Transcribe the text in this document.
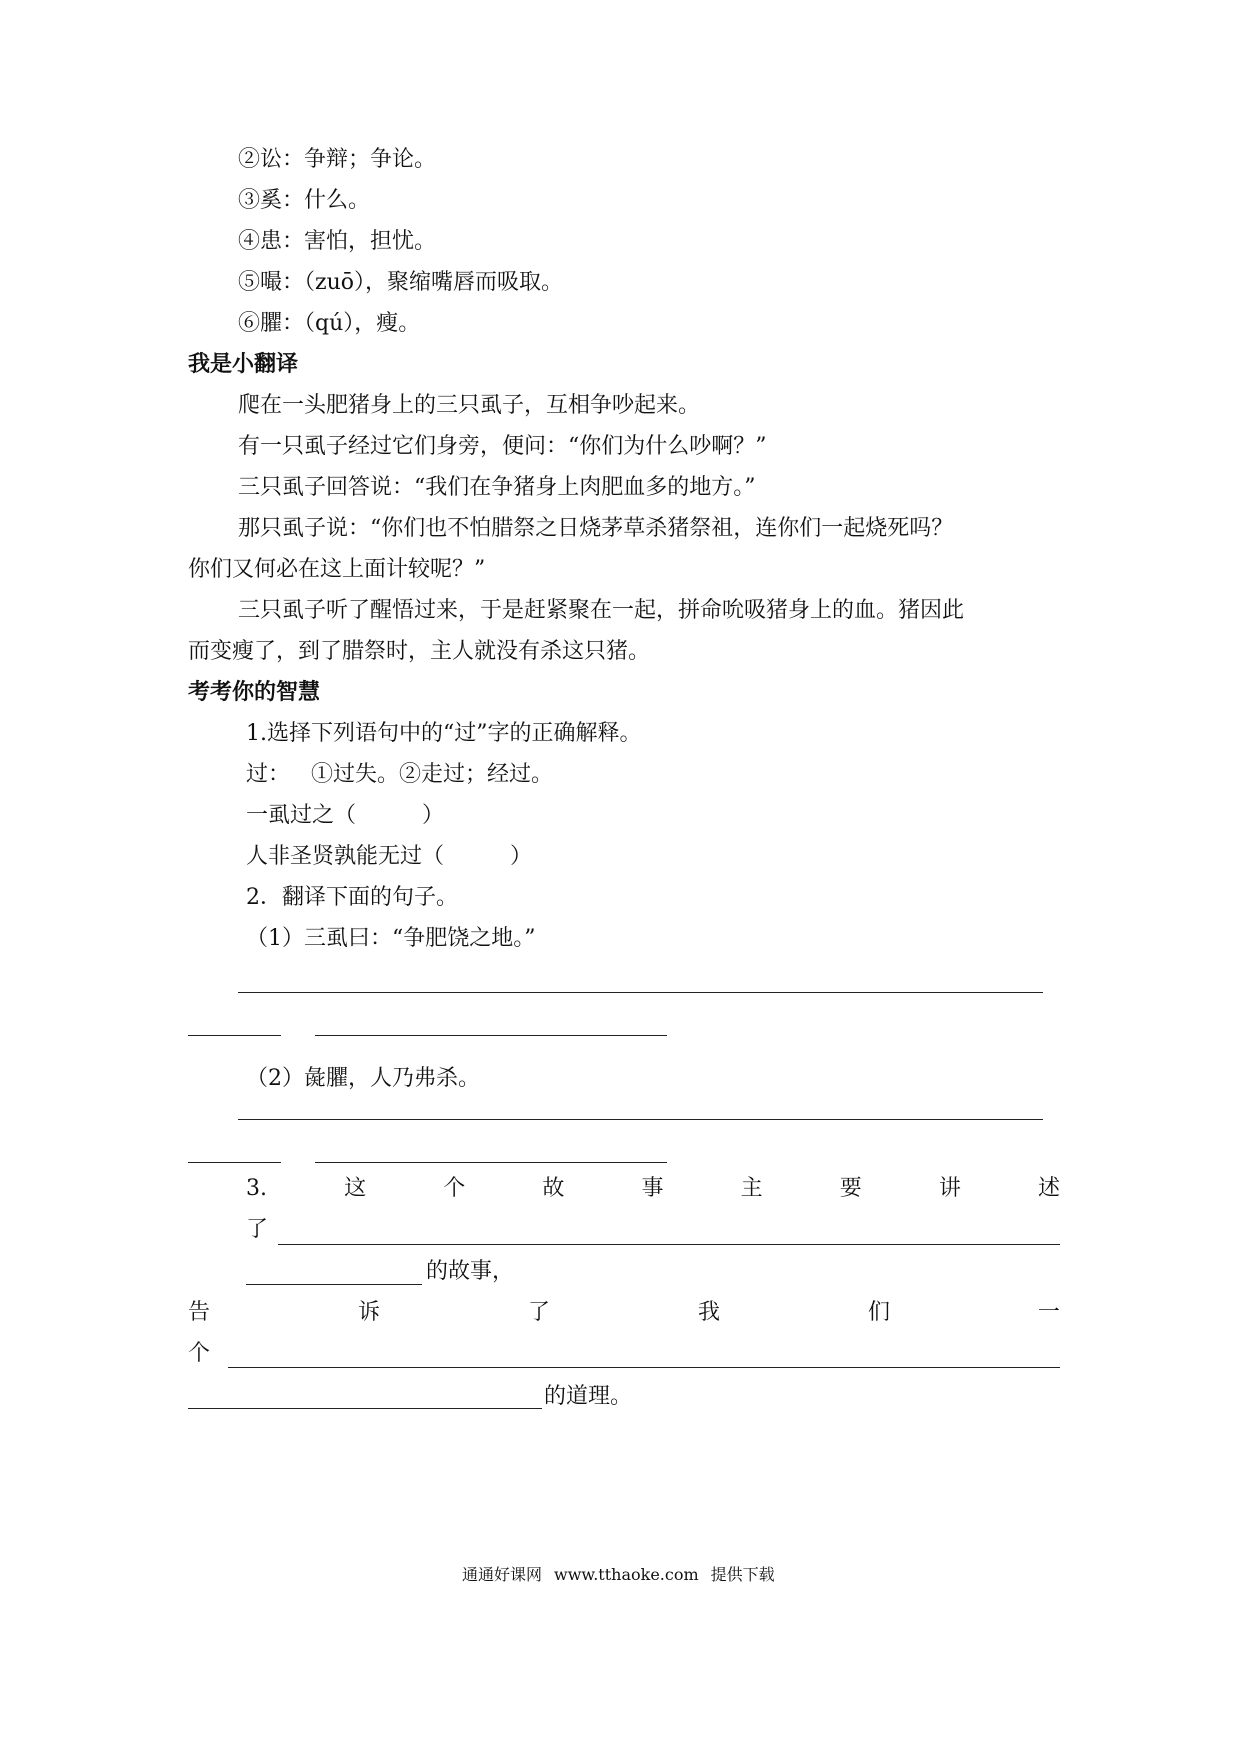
②讼：争辩；争论。
③奚：什么。
④患：害怕，担忧。
⑤嘬：（zuō），聚缩嘴唇而吸取。
⑥臞：（qú），瘦。
我是小翻译
爬在一头肥猪身上的三只虱子，互相争吵起来。
有一只虱子经过它们身旁，便问：“你们为什么吵啊？”
三只虱子回答说：“我们在争猪身上肉肥血多的地方。”
那只虱子说：“你们也不怕腊祭之日烧茅草杀猪祭祖，连你们一起烧死吗？
你们又何必在这上面计较呢？”
三只虱子听了醒悟过来，于是赶紧聚在一起，拼命吮吸猪身上的血。猪因此
而变瘦了，到了腊祭时，主人就没有杀这只猪。
考考你的智慧
1.选择下列语句中的“过”字的正确解释。
过：   ①过失。②走过；经过。
一虱过之（　　　）
人非圣贤孰能无过（　　　）
2．翻译下面的句子。
（1）三虱曰：“争肥饶之地。”
（2）彘臞，人乃弗杀。
3.	这	个	故	事	主	要	讲	述
了
的故事，
告	诉	了	我	们	一
个
的道理。
通通好课网 www.tthaoke.com 提供下载
